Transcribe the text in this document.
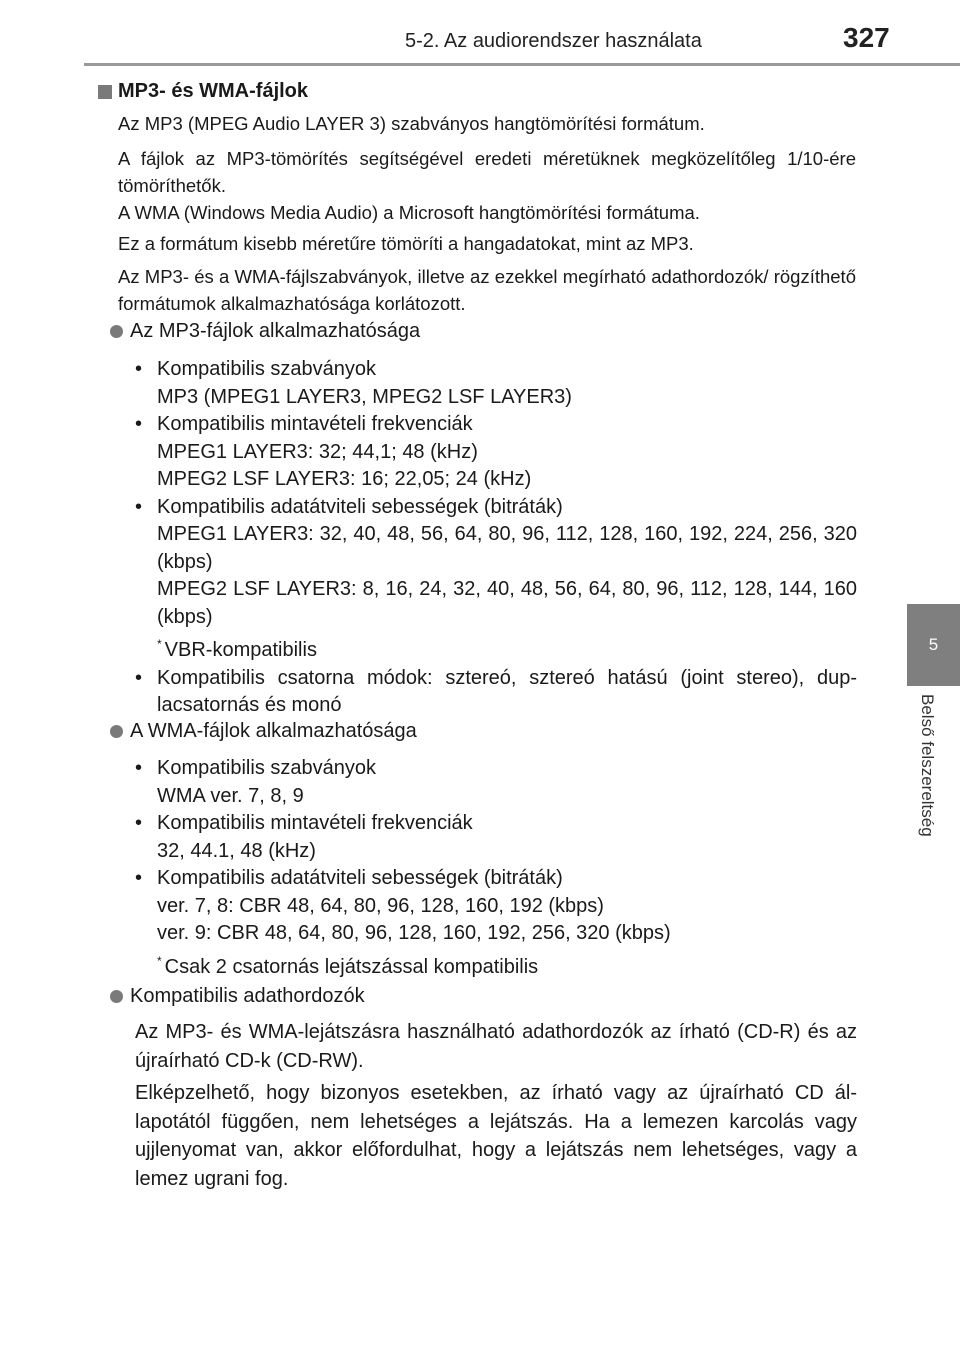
5-2. Az audiorendszer használata	327
5
Belső felszereltség
MP3- és WMA-fájlok
Az MP3 (MPEG Audio LAYER 3) szabványos hangtömörítési formátum.
A fájlok az MP3-tömörítés segítségével eredeti méretüknek megközelítőleg 1/10-ére tömöríthetők.
A WMA (Windows Media Audio) a Microsoft hangtömörítési formátuma.
Ez a formátum kisebb méretűre tömöríti a hangadatokat, mint az MP3.
Az MP3- és a WMA-fájlszabványok, illetve az ezekkel megírható adathordozók/ rögzíthető formátumok alkalmazhatósága korlátozott.
Az MP3-fájlok alkalmazhatósága
• Kompatibilis szabványok
MP3 (MPEG1 LAYER3, MPEG2 LSF LAYER3)
• Kompatibilis mintavételi frekvenciák
MPEG1 LAYER3: 32; 44,1; 48 (kHz)
MPEG2 LSF LAYER3: 16; 22,05; 24 (kHz)
• Kompatibilis adatátviteli sebességek (bitráták)
MPEG1 LAYER3: 32, 40, 48, 56, 64, 80, 96, 112, 128, 160, 192, 224, 256, 320 (kbps)
MPEG2 LSF LAYER3: 8, 16, 24, 32, 40, 48, 56, 64, 80, 96, 112, 128, 144, 160 (kbps)
* VBR-kompatibilis
• Kompatibilis csatorna módok: sztereó, sztereó hatású (joint stereo), dup-lacsatornás és monó
A WMA-fájlok alkalmazhatósága
• Kompatibilis szabványok
WMA ver. 7, 8, 9
• Kompatibilis mintavételi frekvenciák
32, 44.1, 48 (kHz)
• Kompatibilis adatátviteli sebességek (bitráták)
ver. 7, 8: CBR 48, 64, 80, 96, 128, 160, 192 (kbps)
ver. 9: CBR 48, 64, 80, 96, 128, 160, 192, 256, 320 (kbps)
* Csak 2 csatornás lejátszással kompatibilis
Kompatibilis adathordozók
Az MP3- és WMA-lejátszásra használható adathordozók az írható (CD-R) és az újraírható CD-k (CD-RW).
Elképzelhető, hogy bizonyos esetekben, az írható vagy az újraírható CD ál-lapotától függően, nem lehetséges a lejátszás. Ha a lemezen karcolás vagy ujjlenyomat van, akkor előfordulhat, hogy a lejátszás nem lehetséges, vagy a lemez ugrani fog.
